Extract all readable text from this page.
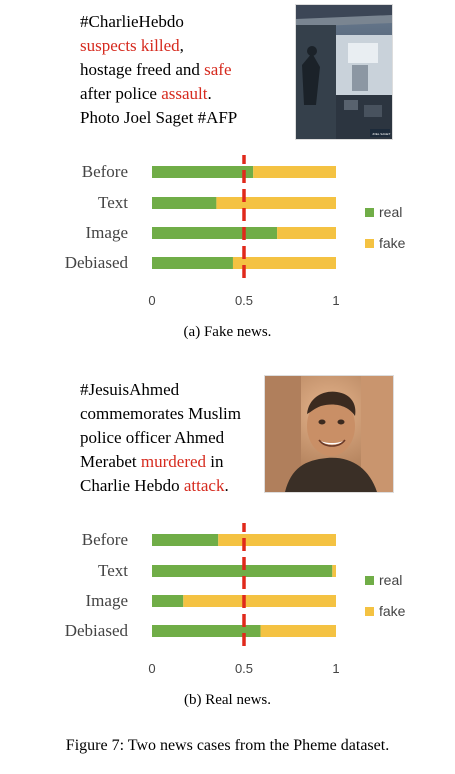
#CharlieHebdo
suspects killed,
hostage freed and safe
after police assault.
Photo Joel Saget #AFP
JOEL SAGET
Before
Text
Image
Debiased
0	0.5	1
real
fake
(a) Fake news.
#JesuisAhmed
commemorates Muslim
police officer Ahmed
Merabet murdered in
Charlie Hebdo attack.
Before
Text
Image
Debiased
0	0.5	1
real
fake
(b) Real news.
Figure 7: Two news cases from the Pheme dataset.
